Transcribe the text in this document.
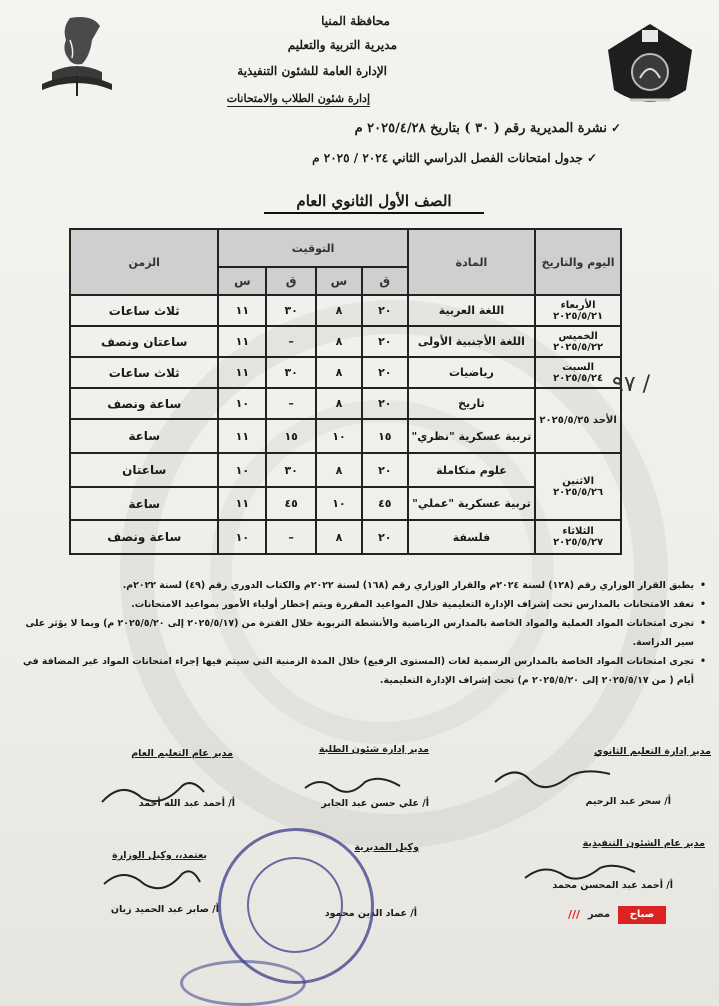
محافظة المنيا
مديرية التربية والتعليم
الإدارة العامة للشئون التنفيذية
إدارة شئون الطلاب والامتحانات
✓نشرة المديرية رقم ( ٣٠ ) بتاريخ ٢٠٢٥/٤/٢٨ م
✓جدول امتحانات الفصل الدراسي الثاني ٢٠٢٤ / ٢٠٢٥ م
الصف الأول الثانوي العام
اليوم والتاريخ	المادة	التوقيت				الزمن
		ق	س	ق	س	
الأربعاء ٢٠٢٥/٥/٢١	اللغة العربية	٢٠	٨	٣٠	١١	ثلاث ساعات
الخميس ٢٠٢٥/٥/٢٢	اللغة الأجنبية الأولى	٢٠	٨	–	١١	ساعتان ونصف
السبت ٢٠٢٥/٥/٢٤	رياضيات	٢٠	٨	٣٠	١١	ثلاث ساعات
الأحد ٢٠٢٥/٥/٢٥	تاريخ	٢٠	٨	–	١٠	ساعة ونصف
	تربية عسكرية "نظري"	١٥	١٠	١٥	١١	ساعة
الاثنين ٢٠٢٥/٥/٢٦	علوم متكاملة	٢٠	٨	٣٠	١٠	ساعتان
	تربية عسكرية "عملي"	٤٥	١٠	٤٥	١١	ساعة
الثلاثاء ٢٠٢٥/٥/٢٧	فلسفة	٢٠	٨	–	١٠	ساعة ونصف
• يطبق القرار الوزاري رقم (١٢٨) لسنة ٢٠٢٤م والقرار الوزاري رقم (١٦٨) لسنة ٢٠٢٢م والكتاب الدوري رقم (٤٩) لسنة ٢٠٢٢م.
• تعقد الامتحانات بالمدارس تحت إشراف الإدارة التعليمية خلال المواعيد المقررة ويتم إخطار أولياء الأمور بمواعيد الامتحانات.
• تجرى امتحانات المواد العملية والمواد الخاصة بالمدارس الرياضية والأنشطة التربوية خلال الفترة من (٢٠٢٥/٥/١٧ إلى ٢٠٢٥/٥/٢٠ م) وبما لا يؤثر على سير الدراسة.
• تجرى امتحانات المواد الخاصة بالمدارس الرسمية لغات (المستوى الرفيع) خلال المدة الزمنية التي سيتم فيها إجراء امتحانات المواد غير المضافة في أيام ( من ٢٠٢٥/٥/١٧ إلى ٢٠٢٥/٥/٢٠ م) تحت إشراف الإدارة التعليمية.
مدير إدارة التعليم الثانوي
أ/ سحر عبد الرحيم
مدير إدارة شئون الطلبة
أ/ علي حسن عبد الجابر
مدير عام التعليم العام
أ/ أحمد عبد الله أحمد
مدير عام الشئون التنفيذية
أ/ أحمد عبد المحسن محمد
وكيل المديرية
أ/ عماد الدين محمود
يعتمد،، وكيل الوزارة
أ/ صابر عبد الحميد زيان
٩٧ /
صباح
مصر
///
